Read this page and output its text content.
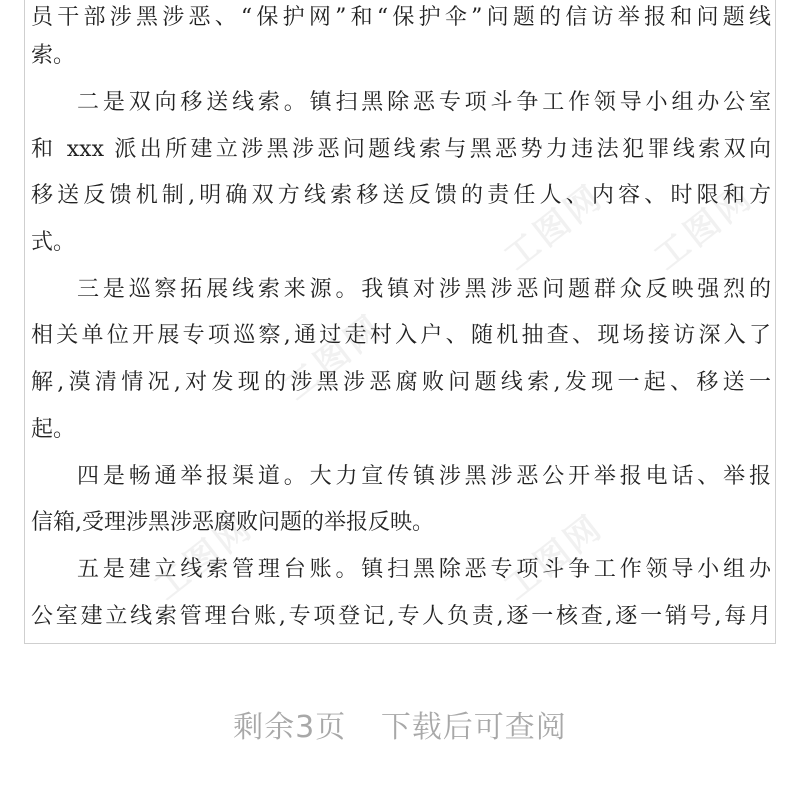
工图网 工图网
工图网
工图网
工图网
员干部涉黑涉恶、“保护网”和“保护伞”问题的信访举报和问题线
索。
二是双向移送线索。镇扫黑除恶专项斗争工作领导小组办公室
和 xxx 派出所建立涉黑涉恶问题线索与黑恶势力违法犯罪线索双向
移送反馈机制,明确双方线索移送反馈的责任人、内容、时限和方
式。
三是巡察拓展线索来源。我镇对涉黑涉恶问题群众反映强烈的
相关单位开展专项巡察,通过走村入户、随机抽查、现场接访深入了
解,漠清情况,对发现的涉黑涉恶腐败问题线索,发现一起、移送一
起。
四是畅通举报渠道。大力宣传镇涉黑涉恶公开举报电话、举报
信箱,受理涉黑涉恶腐败问题的举报反映。
五是建立线索管理台账。镇扫黑除恶专项斗争工作领导小组办
公室建立线索管理台账,专项登记,专人负责,逐一核查,逐一销号,每月
剩余3页 下载后可查阅
